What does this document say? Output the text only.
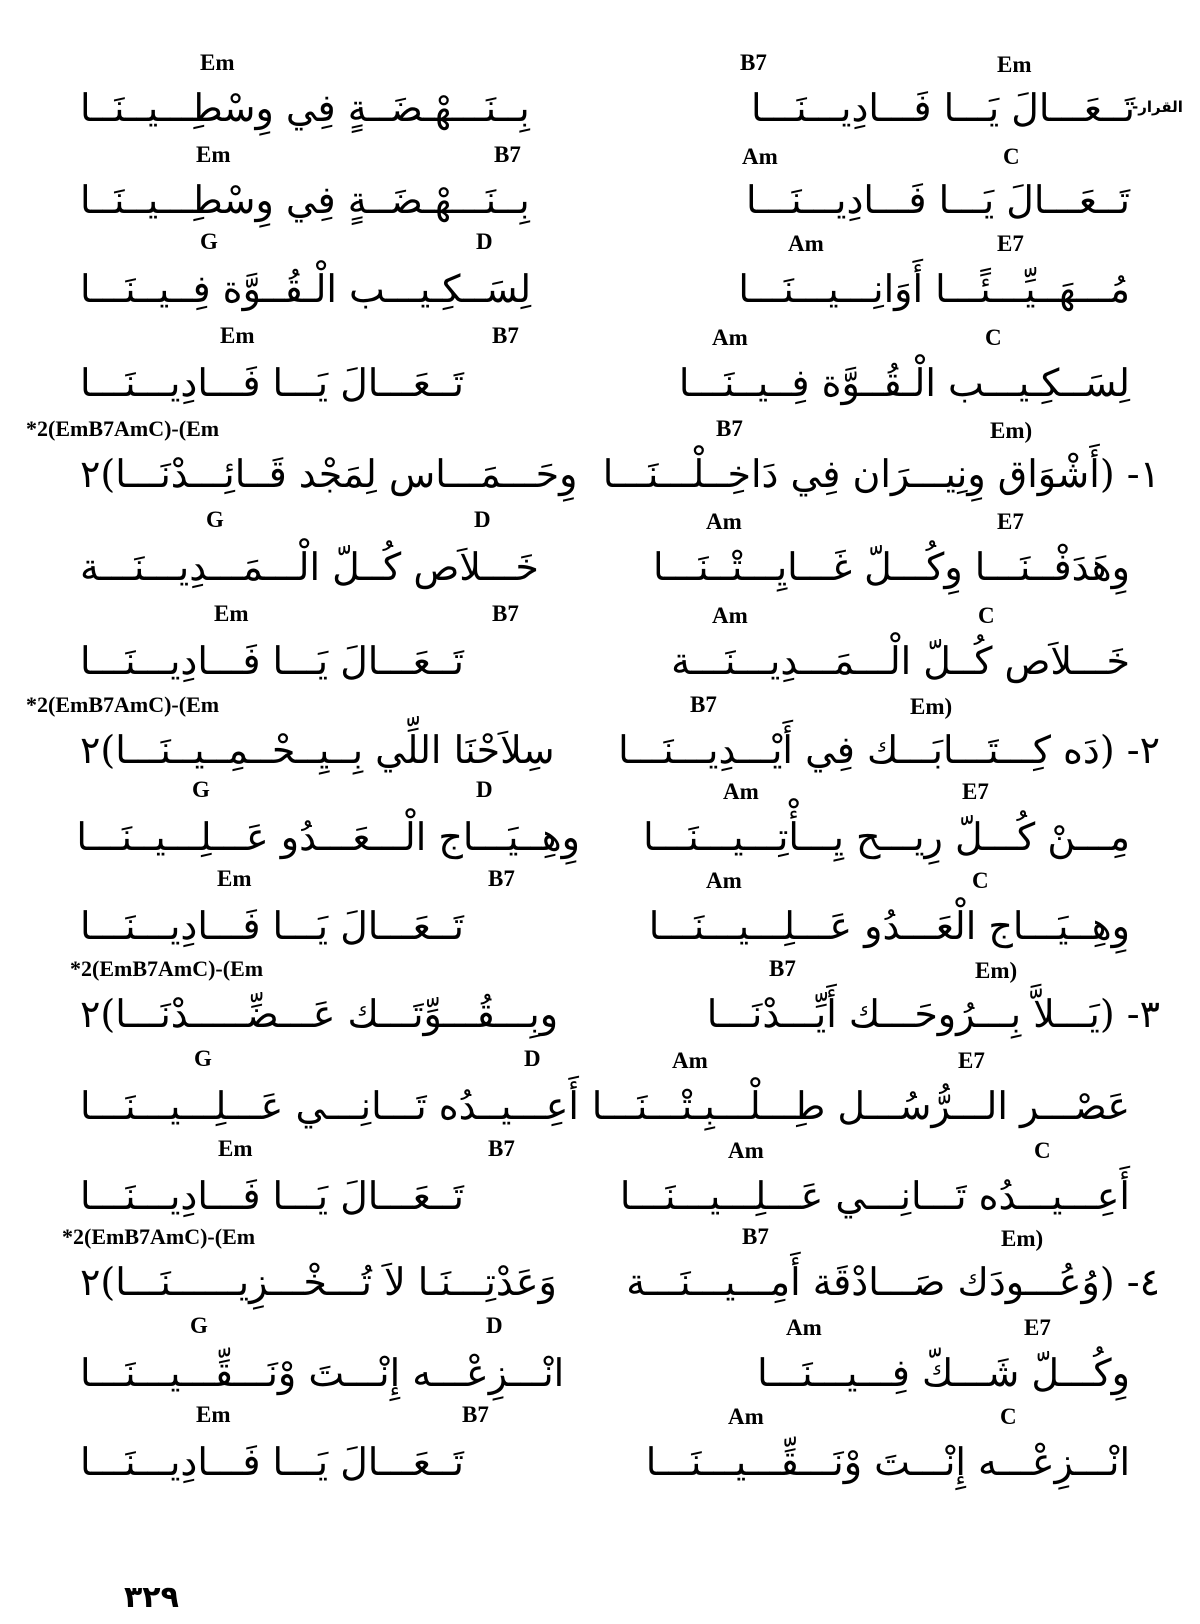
القرار-
Em	B7	Em
بِــنَـــهْـضَــةٍ فِي وِسْطِـــيــنَــا	تَــعَـــالَ يَـــا فَـــادِيـــنَـــا
Em	B7	Am	C
بِــنَـــهْـضَــةٍ فِي وِسْطِـــيــنَــا	تَــعَـــالَ يَـــا فَـــادِيـــنَـــا
G	D	Am	E7
لِسَــكِـيـــب الْـقُــوَّة فِــيــنَـــا	مُـــهَــيِّـــئًـــا أَوَانِـــيـــنَـــا
Em	B7	Am	C
تَــعَـــالَ يَـــا فَـــادِيـــنَـــا	لِسَــكِـيـــب الْـقُــوَّة فِــيــنَـــا
*2(EmB7AmC)-(Em	B7	Em)
وِحَـــمَـــاس لِمَجْد قَــائِـــدْنَـــا)٢ ١- (أَشْوَاق وِنِيـــرَان فِي دَاخِــلْـــنَـــا
G	D	Am	E7
خَـــلاَص كُــلّ الْـــمَـــدِيـــنَـــة	وِهَدَفْــنَـــا وِكُـــلّ غَـــايِـــتْــنَـــا
Em	B7	Am	C
تَــعَـــالَ يَـــا فَـــادِيـــنَـــا	خَـــلاَص كُــلّ الْـــمَـــدِيـــنَـــة
*2(EmB7AmC)-(Em	B7	Em)
سِلاَحْنَا اللِّي بِــيِــحْــمِــيــنَـــا)٢	٢- (دَه كِـــتَـــابَـــك فِي أَيْـــدِيـــنَـــا
G	D	Am	E7
وِهِــيَـــاج الْـــعَـــدُو عَـــلِـــيــنَـــا مِـــنْ كُـــلّ رِيـــح يِـــأْتِـــيـــنَـــا
Em	B7	Am	C
تَــعَـــالَ يَـــا فَـــادِيـــنَـــا	وِهِــيَـــاج الْعَـــدُو عَـــلِـــيـــنَـــا
*2(EmB7AmC)-(Em	B7	Em)
وبِـــقُـــوِّتَـــك عَـــضِّـــــدْنَـــا)٢	٣- (يَـــلاَّ بِـــرُوحَـــك أَيِّـــدْنَـــا
G	D	Am	E7
أَعِـــيــدُه تَـــانِـــي عَـــلِـــيـــنَـــا عَصْـــر الـــرُّسُـــل طِـــلْـــبِـتْـــنَـــا
Em	B7	Am	C
تَــعَـــالَ يَـــا فَـــادِيـــنَـــا	أَعِـــيـــدُه تَـــانِـــي عَـــلِـــيـــنَـــا
*2(EmB7AmC)-(Em	B7	Em)
وَعَدْتِـــنَـا لاَ تُـــخْـــزِيــــــنَـــا)٢	٤- (وُعُـــودَك صَـــادْقَة أَمِـــيـــنَـــة
G	D	Am	E7
انْـــزِعْـــه إِنْـــتَ وْنَـــقِّـــيـــنَـــا	وِكُـــلّ شَـــكّ فِـــيـــنَـــا
Em	B7	Am	C
تَــعَـــالَ يَـــا فَـــادِيـــنَـــا	انْـــزِعْـــه إِنْـــتَ وْنَـــقِّـــيـــنَـــا
٣٢٩
